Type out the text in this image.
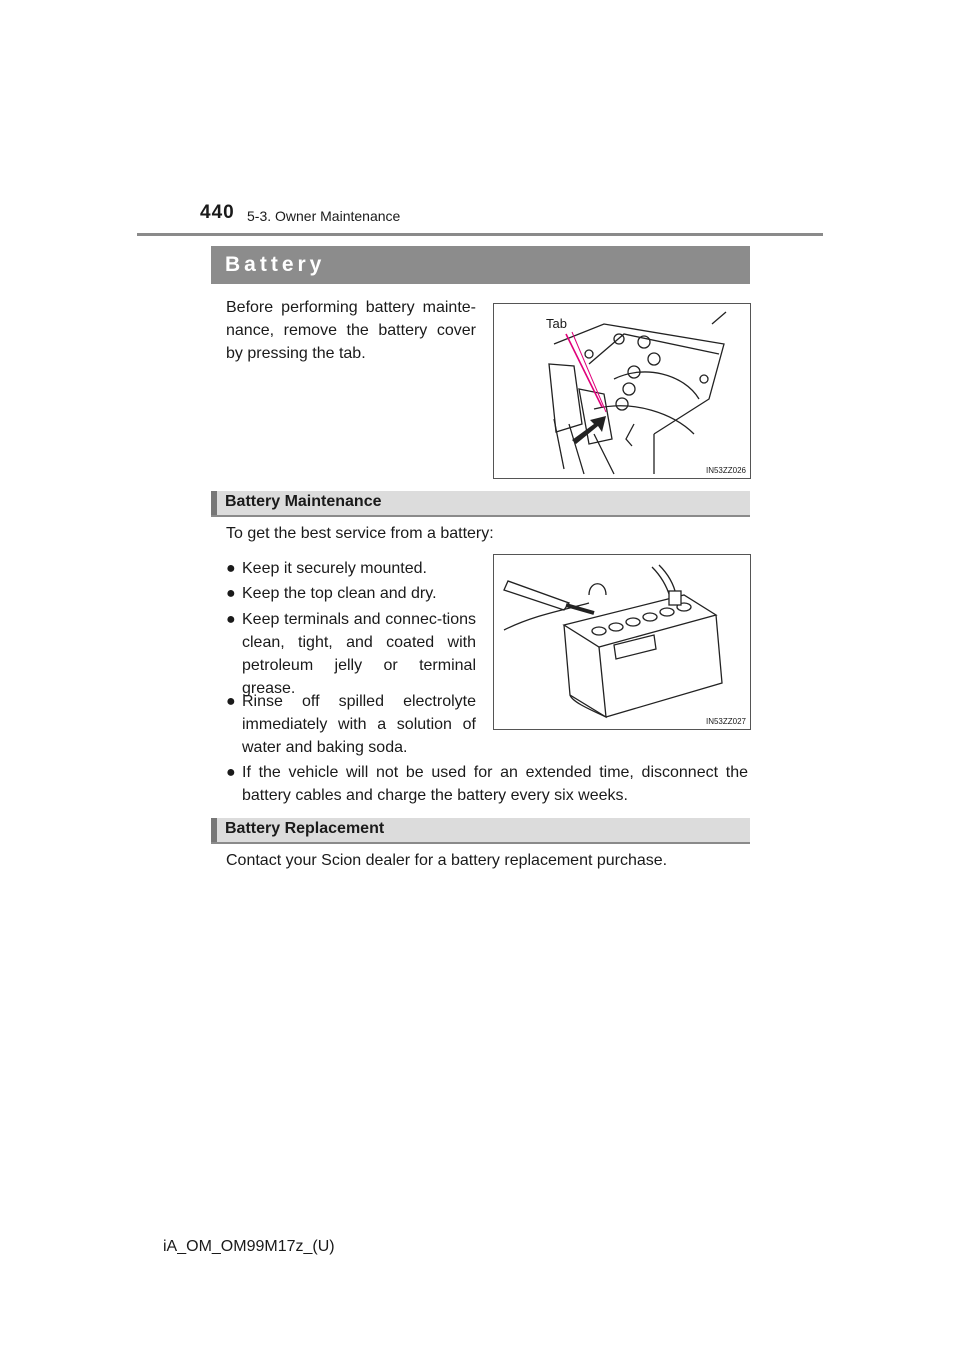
440 5-3. Owner Maintenance
Battery
Before performing battery mainte-nance, remove the battery cover by pressing the tab.
Tab
IN53ZZ026
Battery Maintenance
To get the best service from a battery:
● Keep it securely mounted.
● Keep the top clean and dry.
● Keep terminals and connec-tions clean, tight, and coated with petroleum jelly or terminal grease.
● Rinse off spilled electrolyte immediately with a solution of water and baking soda.
● If the vehicle will not be used for an extended time, disconnect the battery cables and charge the battery every six weeks.
IN53ZZ027
Battery Replacement
Contact your Scion dealer for a battery replacement purchase.
iA_OM_OM99M17z_(U)
